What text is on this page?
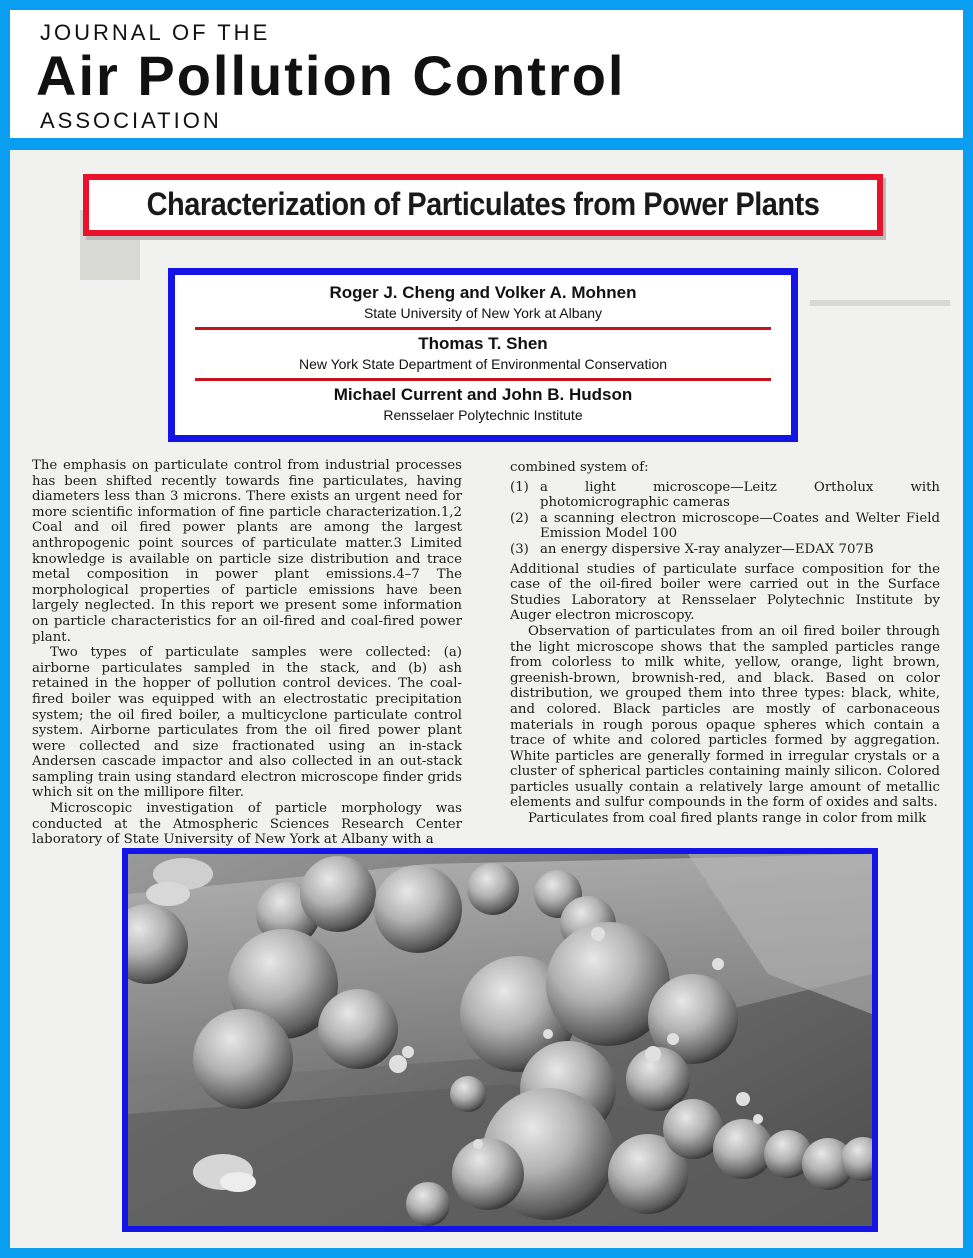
JOURNAL OF THE
Air Pollution Control
ASSOCIATION
Characterization of Particulates from Power Plants
Roger J. Cheng and Volker A. Mohnen
State University of New York at Albany
Thomas T. Shen
New York State Department of Environmental Conservation
Michael Current and John B. Hudson
Rensselaer Polytechnic Institute

The emphasis on particulate control from industrial processes has been shifted recently towards fine particulates, having diameters less than 3 microns. There exists an urgent need for more scientific information of fine particle characterization.1,2 Coal and oil fired power plants are among the largest anthropogenic point sources of particulate matter.3 Limited knowledge is available on particle size distribution and trace metal composition in power plant emissions.4–7 The morphological properties of particle emissions have been largely neglected. In this report we present some information on particle characteristics for an oil-fired and coal-fired power plant.

Two types of particulate samples were collected: (a) airborne particulates sampled in the stack, and (b) ash retained in the hopper of pollution control devices. The coal-fired boiler was equipped with an electrostatic precipitation system; the oil fired boiler, a multicyclone particulate control system. Airborne particulates from the oil fired power plant were collected and size fractionated using an in-stack Andersen cascade impactor and also collected in an out-stack sampling train using standard electron microscope finder grids which sit on the millipore filter.

Microscopic investigation of particle morphology was conducted at the Atmospheric Sciences Research Center laboratory of State University of New York at Albany with a

combined system of:

(1) a light microscope—Leitz Ortholux with photomicrographic cameras
(2) a scanning electron microscope—Coates and Welter Field Emission Model 100
(3) an energy dispersive X-ray analyzer—EDAX 707B

Additional studies of particulate surface composition for the case of the oil-fired boiler were carried out in the Surface Studies Laboratory at Rensselaer Polytechnic Institute by Auger electron microscopy.

Observation of particulates from an oil fired boiler through the light microscope shows that the sampled particles range from colorless to milk white, yellow, orange, light brown, greenish-brown, brownish-red, and black. Based on color distribution, we grouped them into three types: black, white, and colored. Black particles are mostly of carbonaceous materials in rough porous opaque spheres which contain a trace of white and colored particles formed by aggregation. White particles are generally formed in irregular crystals or a cluster of spherical particles containing mainly silicon. Colored particles usually contain a relatively large amount of metallic elements and sulfur compounds in the form of oxides and salts.

Particulates from coal fired plants range in color from milk
